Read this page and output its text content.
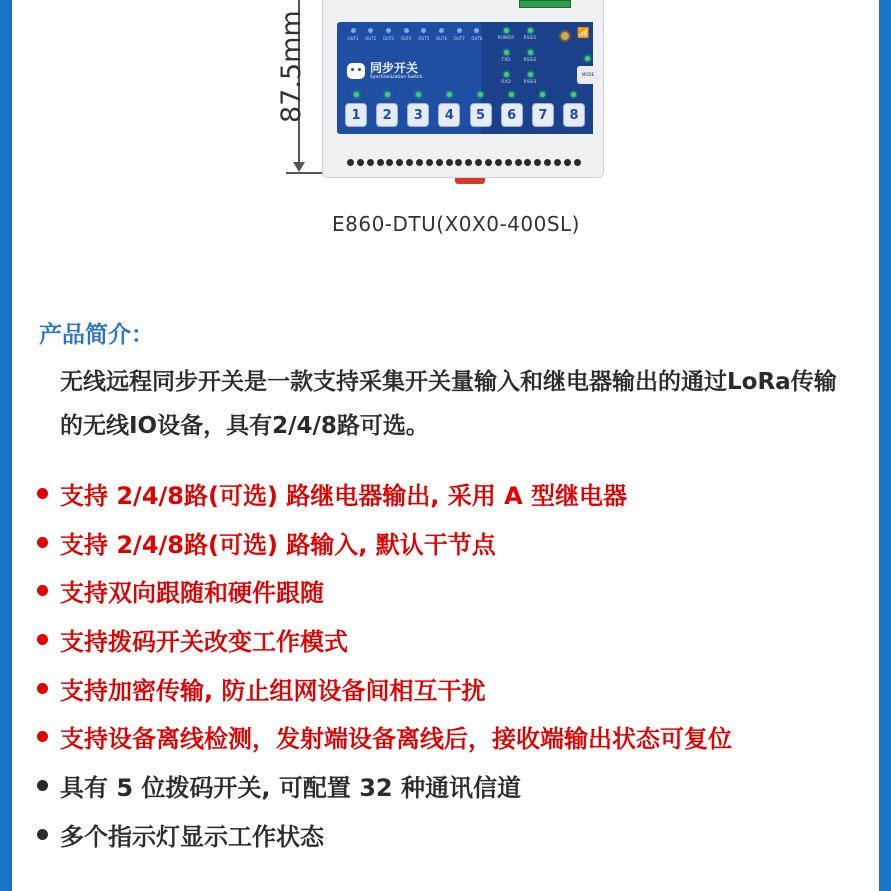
87.5mm	OUT1 OUT2 OUT3 OUT4 OUT5 OUT6 OUT7 OUT8	POWER RSSI1
TXD	RSSI2
RXD	RSSI3
📶
MODE
同步开关
Synchronization Switch
1	2	3	4	5	6	7	8
E860-DTU(X0X0-400SL)
产品简介：
无线远程同步开关是一款支持采集开关量输入和继电器输出的通过LoRa传输的无线IO设备，具有2/4/8路可选。
支持 2/4/8路(可选) 路继电器输出, 采用 A 型继电器
支持 2/4/8路(可选) 路输入, 默认干节点
支持双向跟随和硬件跟随
支持拨码开关改变工作模式
支持加密传输, 防止组网设备间相互干扰
支持设备离线检测，发射端设备离线后，接收端输出状态可复位
具有 5 位拨码开关, 可配置 32 种通讯信道
多个指示灯显示工作状态
